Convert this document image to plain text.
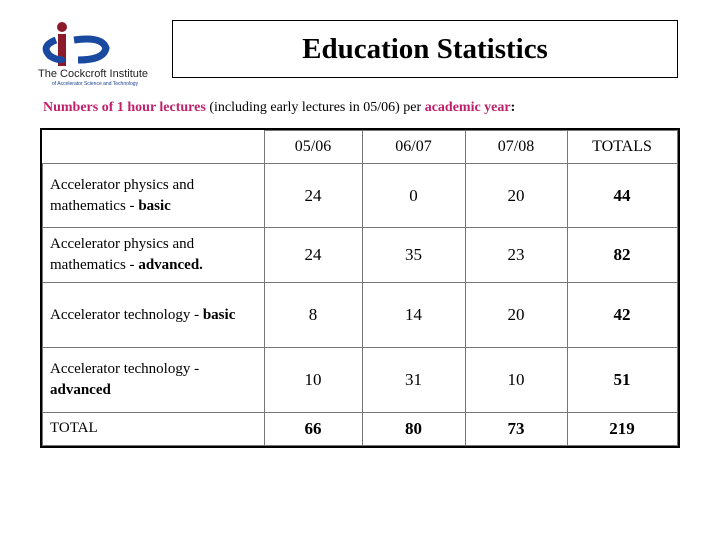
The Cockcroft Institute
of Accelerator Science and Technology
Education Statistics
Numbers of 1 hour lectures (including early lectures in 05/06) per academic year:
	05/06	06/07	07/08	TOTALS
Accelerator physics and mathematics - basic	24	0	20	44
Accelerator physics and mathematics - advanced.	24	35	23	82
Accelerator technology - basic	8	14	20	42
Accelerator technology - advanced	10	31	10	51
TOTAL	66	80	73	219
